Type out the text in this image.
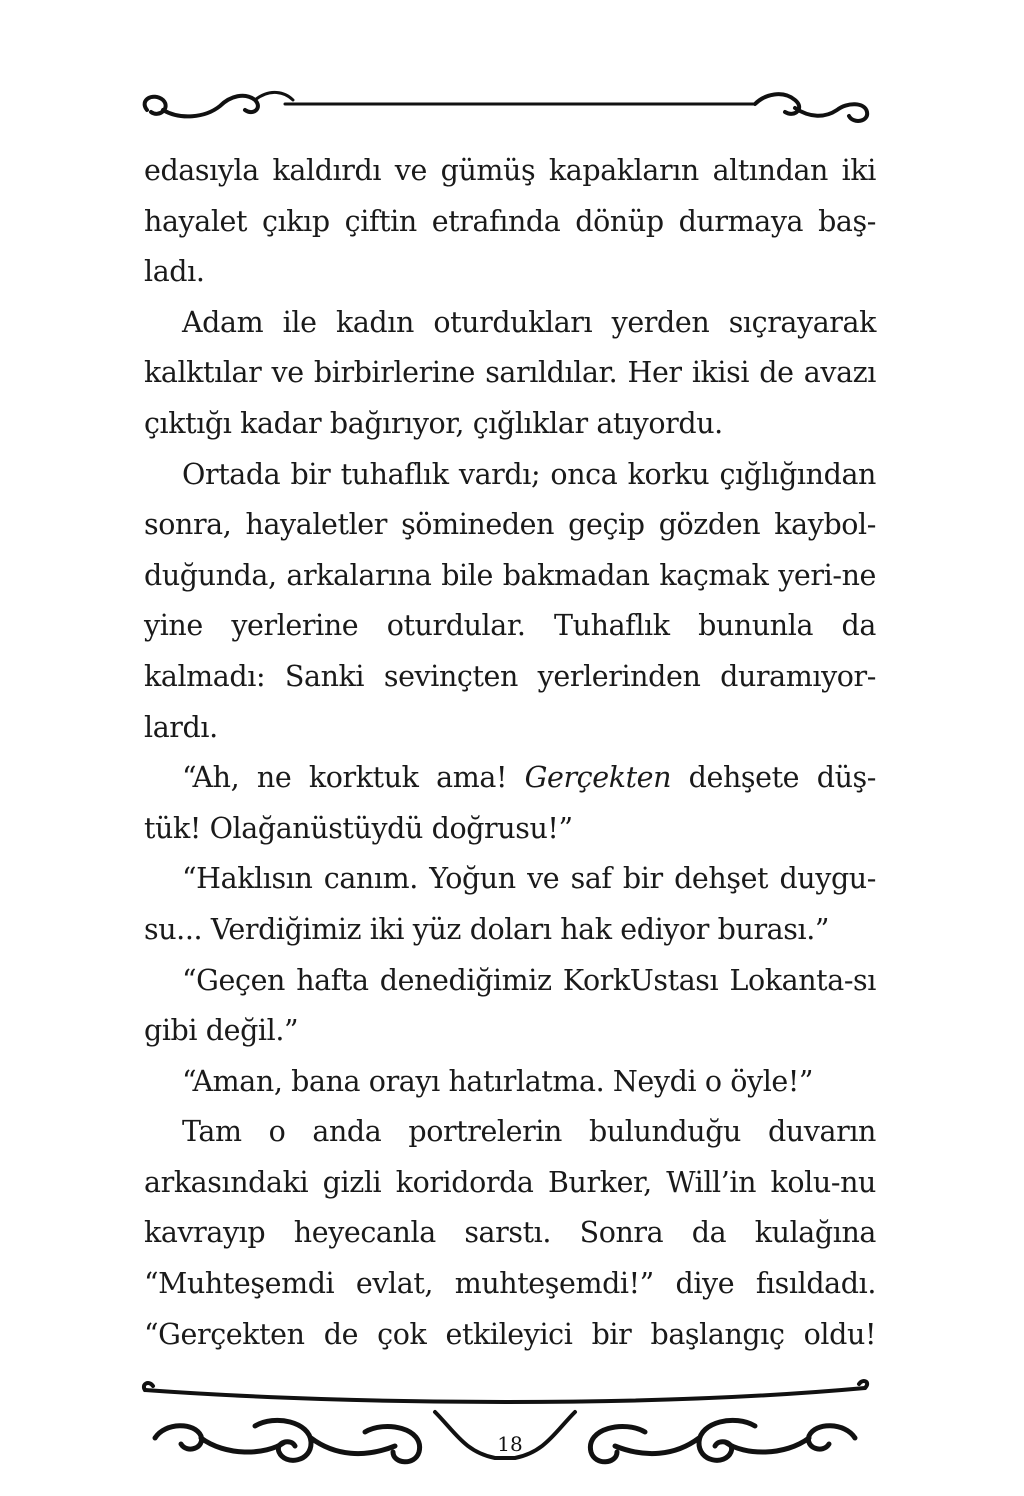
edasıyla kaldırdı ve gümüş kapakların altından iki hayalet çıkıp çiftin etrafında dönüp durmaya baş-ladı.

Adam ile kadın oturdukları yerden sıçrayarak kalktılar ve birbirlerine sarıldılar. Her ikisi de avazı çıktığı kadar bağırıyor, çığlıklar atıyordu.

Ortada bir tuhaflık vardı; onca korku çığlığından sonra, hayaletler şömineden geçip gözden kaybol-duğunda, arkalarına bile bakmadan kaçmak yeri-ne yine yerlerine oturdular. Tuhaflık bununla da kalmadı: Sanki sevinçten yerlerinden duramıyor-lardı.

“Ah, ne korktuk ama! Gerçekten dehşete düş-tük! Olağanüstüydü doğrusu!”

“Haklısın canım. Yoğun ve saf bir dehşet duygu-su... Verdiğimiz iki yüz doları hak ediyor burası.”

“Geçen hafta denediğimiz KorkUstası Lokanta-sı gibi değil.”

“Aman, bana orayı hatırlatma. Neydi o öyle!”

Tam o anda portrelerin bulunduğu duvarın arkasındaki gizli koridorda Burker, Will’in kolu-nu kavrayıp heyecanla sarstı. Sonra da kulağına “Muhteşemdi evlat, muhteşemdi!” diye fısıldadı. “Gerçekten de çok etkileyici bir başlangıç oldu!

18
